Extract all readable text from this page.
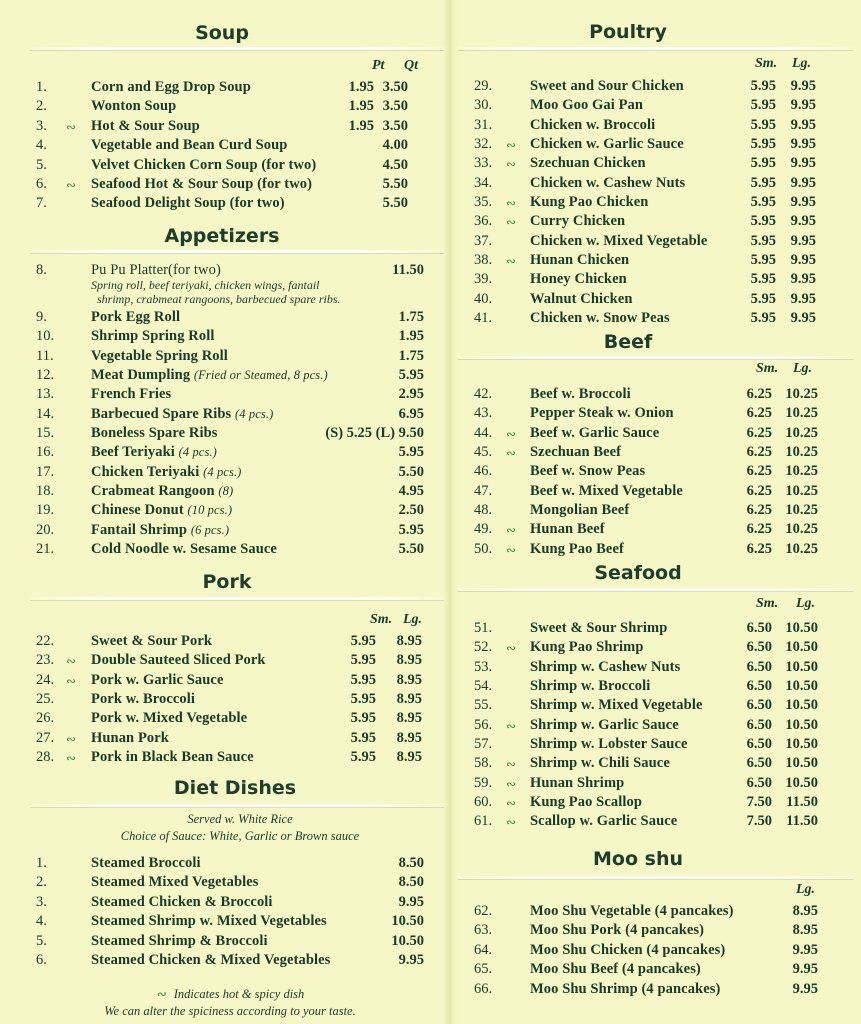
Soup
Pt Qt
1.	Corn and Egg Drop Soup	1.95 3.50
2.	Wonton Soup	1.95 3.50
3. ∾ Hot & Sour Soup	1.95 3.50
4.	Vegetable and Bean Curd Soup	4.00
5.	Velvet Chicken Corn Soup (for two)	4.50
6. ∾ Seafood Hot & Sour Soup (for two)	5.50
7.	Seafood Delight Soup (for two)	5.50
Appetizers
8.	Pu Pu Platter(for two)	11.50
Spring roll, beef teriyaki, chicken wings, fantail
shrimp, crabmeat rangoons, barbecued spare ribs.
9.	Pork Egg Roll	1.75
10.	Shrimp Spring Roll	1.95
11.	Vegetable Spring Roll	1.75
12.	Meat Dumpling (Fried or Steamed, 8 pcs.)	5.95
13.	French Fries	2.95
14.	Barbecued Spare Ribs (4 pcs.)	6.95
15.	Boneless Spare Ribs	(S) 5.25 (L) 9.50
16.	Beef Teriyaki (4 pcs.)	5.95
17.	Chicken Teriyaki (4 pcs.)	5.50
18.	Crabmeat Rangoon (8)	4.95
19.	Chinese Donut (10 pcs.)	2.50
20.	Fantail Shrimp (6 pcs.)	5.95
21.	Cold Noodle w. Sesame Sauce	5.50
Pork
Sm. Lg.
22.	Sweet & Sour Pork	5.95 8.95
23. ∾ Double Sauteed Sliced Pork	5.95 8.95
24. ∾ Pork w. Garlic Sauce	5.95 8.95
25.	Pork w. Broccoli	5.95 8.95
26.	Pork w. Mixed Vegetable	5.95 8.95
27. ∾ Hunan Pork	5.95 8.95
28. ∾ Pork in Black Bean Sauce	5.95 8.95
Diet Dishes
Served w. White Rice
Choice of Sauce: White, Garlic or Brown sauce
1.	Steamed Broccoli	8.50
2.	Steamed Mixed Vegetables	8.50
3.	Steamed Chicken & Broccoli	9.95
4.	Steamed Shrimp w. Mixed Vegetables	10.50
5.	Steamed Shrimp & Broccoli	10.50
6.	Steamed Chicken & Mixed Vegetables	9.95
∾ Indicates hot & spicy dish
We can alter the spiciness according to your taste.
Poultry
Sm. Lg.
29.	Sweet and Sour Chicken	5.95 9.95
30.	Moo Goo Gai Pan	5.95 9.95
31.	Chicken w. Broccoli	5.95 9.95
32. ∾ Chicken w. Garlic Sauce	5.95 9.95
33. ∾ Szechuan Chicken	5.95 9.95
34.	Chicken w. Cashew Nuts	5.95 9.95
35. ∾ Kung Pao Chicken	5.95 9.95
36. ∾ Curry Chicken	5.95 9.95
37.	Chicken w. Mixed Vegetable	5.95 9.95
38. ∾ Hunan Chicken	5.95 9.95
39.	Honey Chicken	5.95 9.95
40.	Walnut Chicken	5.95 9.95
41.	Chicken w. Snow Peas	5.95 9.95
Beef
Sm. Lg.
42.	Beef w. Broccoli	6.25 10.25
43.	Pepper Steak w. Onion	6.25 10.25
44. ∾ Beef w. Garlic Sauce	6.25 10.25
45. ∾ Szechuan Beef	6.25 10.25
46.	Beef w. Snow Peas	6.25 10.25
47.	Beef w. Mixed Vegetable	6.25 10.25
48.	Mongolian Beef	6.25 10.25
49. ∾ Hunan Beef	6.25 10.25
50. ∾ Kung Pao Beef	6.25 10.25
Seafood
Sm. Lg.
51.	Sweet & Sour Shrimp	6.50 10.50
52. ∾ Kung Pao Shrimp	6.50 10.50
53.	Shrimp w. Cashew Nuts	6.50 10.50
54.	Shrimp w. Broccoli	6.50 10.50
55.	Shrimp w. Mixed Vegetable	6.50 10.50
56. ∾ Shrimp w. Garlic Sauce	6.50 10.50
57.	Shrimp w. Lobster Sauce	6.50 10.50
58. ∾ Shrimp w. Chili Sauce	6.50 10.50
59. ∾ Hunan Shrimp	6.50 10.50
60. ∾ Kung Pao Scallop	7.50 11.50
61. ∾ Scallop w. Garlic Sauce	7.50 11.50
Moo shu
Lg.
62.	Moo Shu Vegetable (4 pancakes)	8.95
63.	Moo Shu Pork (4 pancakes)	8.95
64.	Moo Shu Chicken (4 pancakes)	9.95
65.	Moo Shu Beef (4 pancakes)	9.95
66.	Moo Shu Shrimp (4 pancakes)	9.95
